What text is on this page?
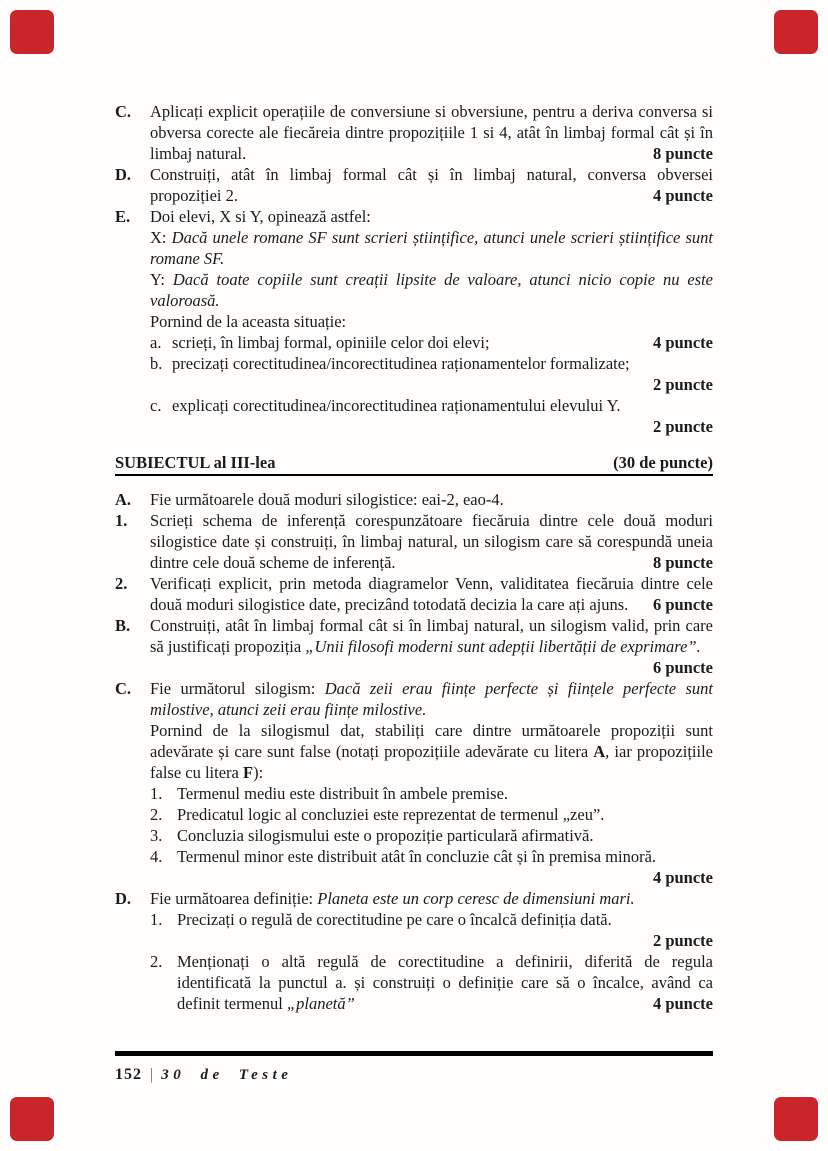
C.	Aplicați explicit operațiile de conversiune si obversiune, pentru a deriva conversa si obversa corecte ale fiecăreia dintre propozițiile 1 si 4, atât în limbaj formal cât și în limbaj natural.	8 puncte

D.	Construiți, atât în limbaj formal cât și în limbaj natural, conversa obversei propoziției 2.	4 puncte

E.	Doi elevi, X si Y, opinează astfel:

X: Dacă unele romane SF sunt scrieri științifice, atunci unele scrieri științifice sunt romane SF.

Y: Dacă toate copiile sunt creații lipsite de valoare, atunci nicio copie nu este valoroasă.

Pornind de la aceasta situație:

a. scrieți, în limbaj formal, opiniile celor doi elevi;	4 puncte

b. precizați corectitudinea/incorectitudinea raționamentelor formalizate;

2 puncte

c. explicați corectitudinea/incorectitudinea raționamentului elevului Y.

2 puncte

SUBIECTUL al III-lea	(30 de puncte)
A.	Fie următoarele două moduri silogistice: eai-2, eao-4.

1.	Scrieți schema de inferență corespunzătoare fiecăruia dintre cele două moduri silogistice date și construiți, în limbaj natural, un silogism care să corespundă uneia dintre cele două scheme de inferență.	8 puncte

2.	Verificați explicit, prin metoda diagramelor Venn, validitatea fiecăruia dintre cele două moduri silogistice date, precizând totodată decizia la care ați ajuns.	6 puncte

B.	Construiți, atât în limbaj formal cât si în limbaj natural, un silogism valid, prin care să justificați propoziția „Unii filosofi moderni sunt adepții libertății de exprimare”.
6 puncte

C.	Fie următorul silogism: Dacă zeii erau ființe perfecte și ființele perfecte sunt milostive, atunci zeii erau ființe milostive.

Pornind de la silogismul dat, stabiliți care dintre următoarele propoziții sunt adevărate și care sunt false (notați propozițiile adevărate cu litera A, iar propozițiile false cu litera F):

1. Termenul mediu este distribuit în ambele premise.

2. Predicatul logic al concluziei este reprezentat de termenul „zeu”.

3. Concluzia silogismului este o propoziție particulară afirmativă.

4. Termenul minor este distribuit atât în concluzie cât și în premisa minoră.
4 puncte

D.	Fie următoarea definiție: Planeta este un corp ceresc de dimensiuni mari.

1. Precizați o regulă de corectitudine pe care o încalcă definiția dată.

2 puncte

2. Menționați o altă regulă de corectitudine a definirii, diferită de regula identificată la punctul a. și construiți o definiție care să o încalce, având ca definit termenul „planetă”	4 puncte

152 | 30 de Teste
